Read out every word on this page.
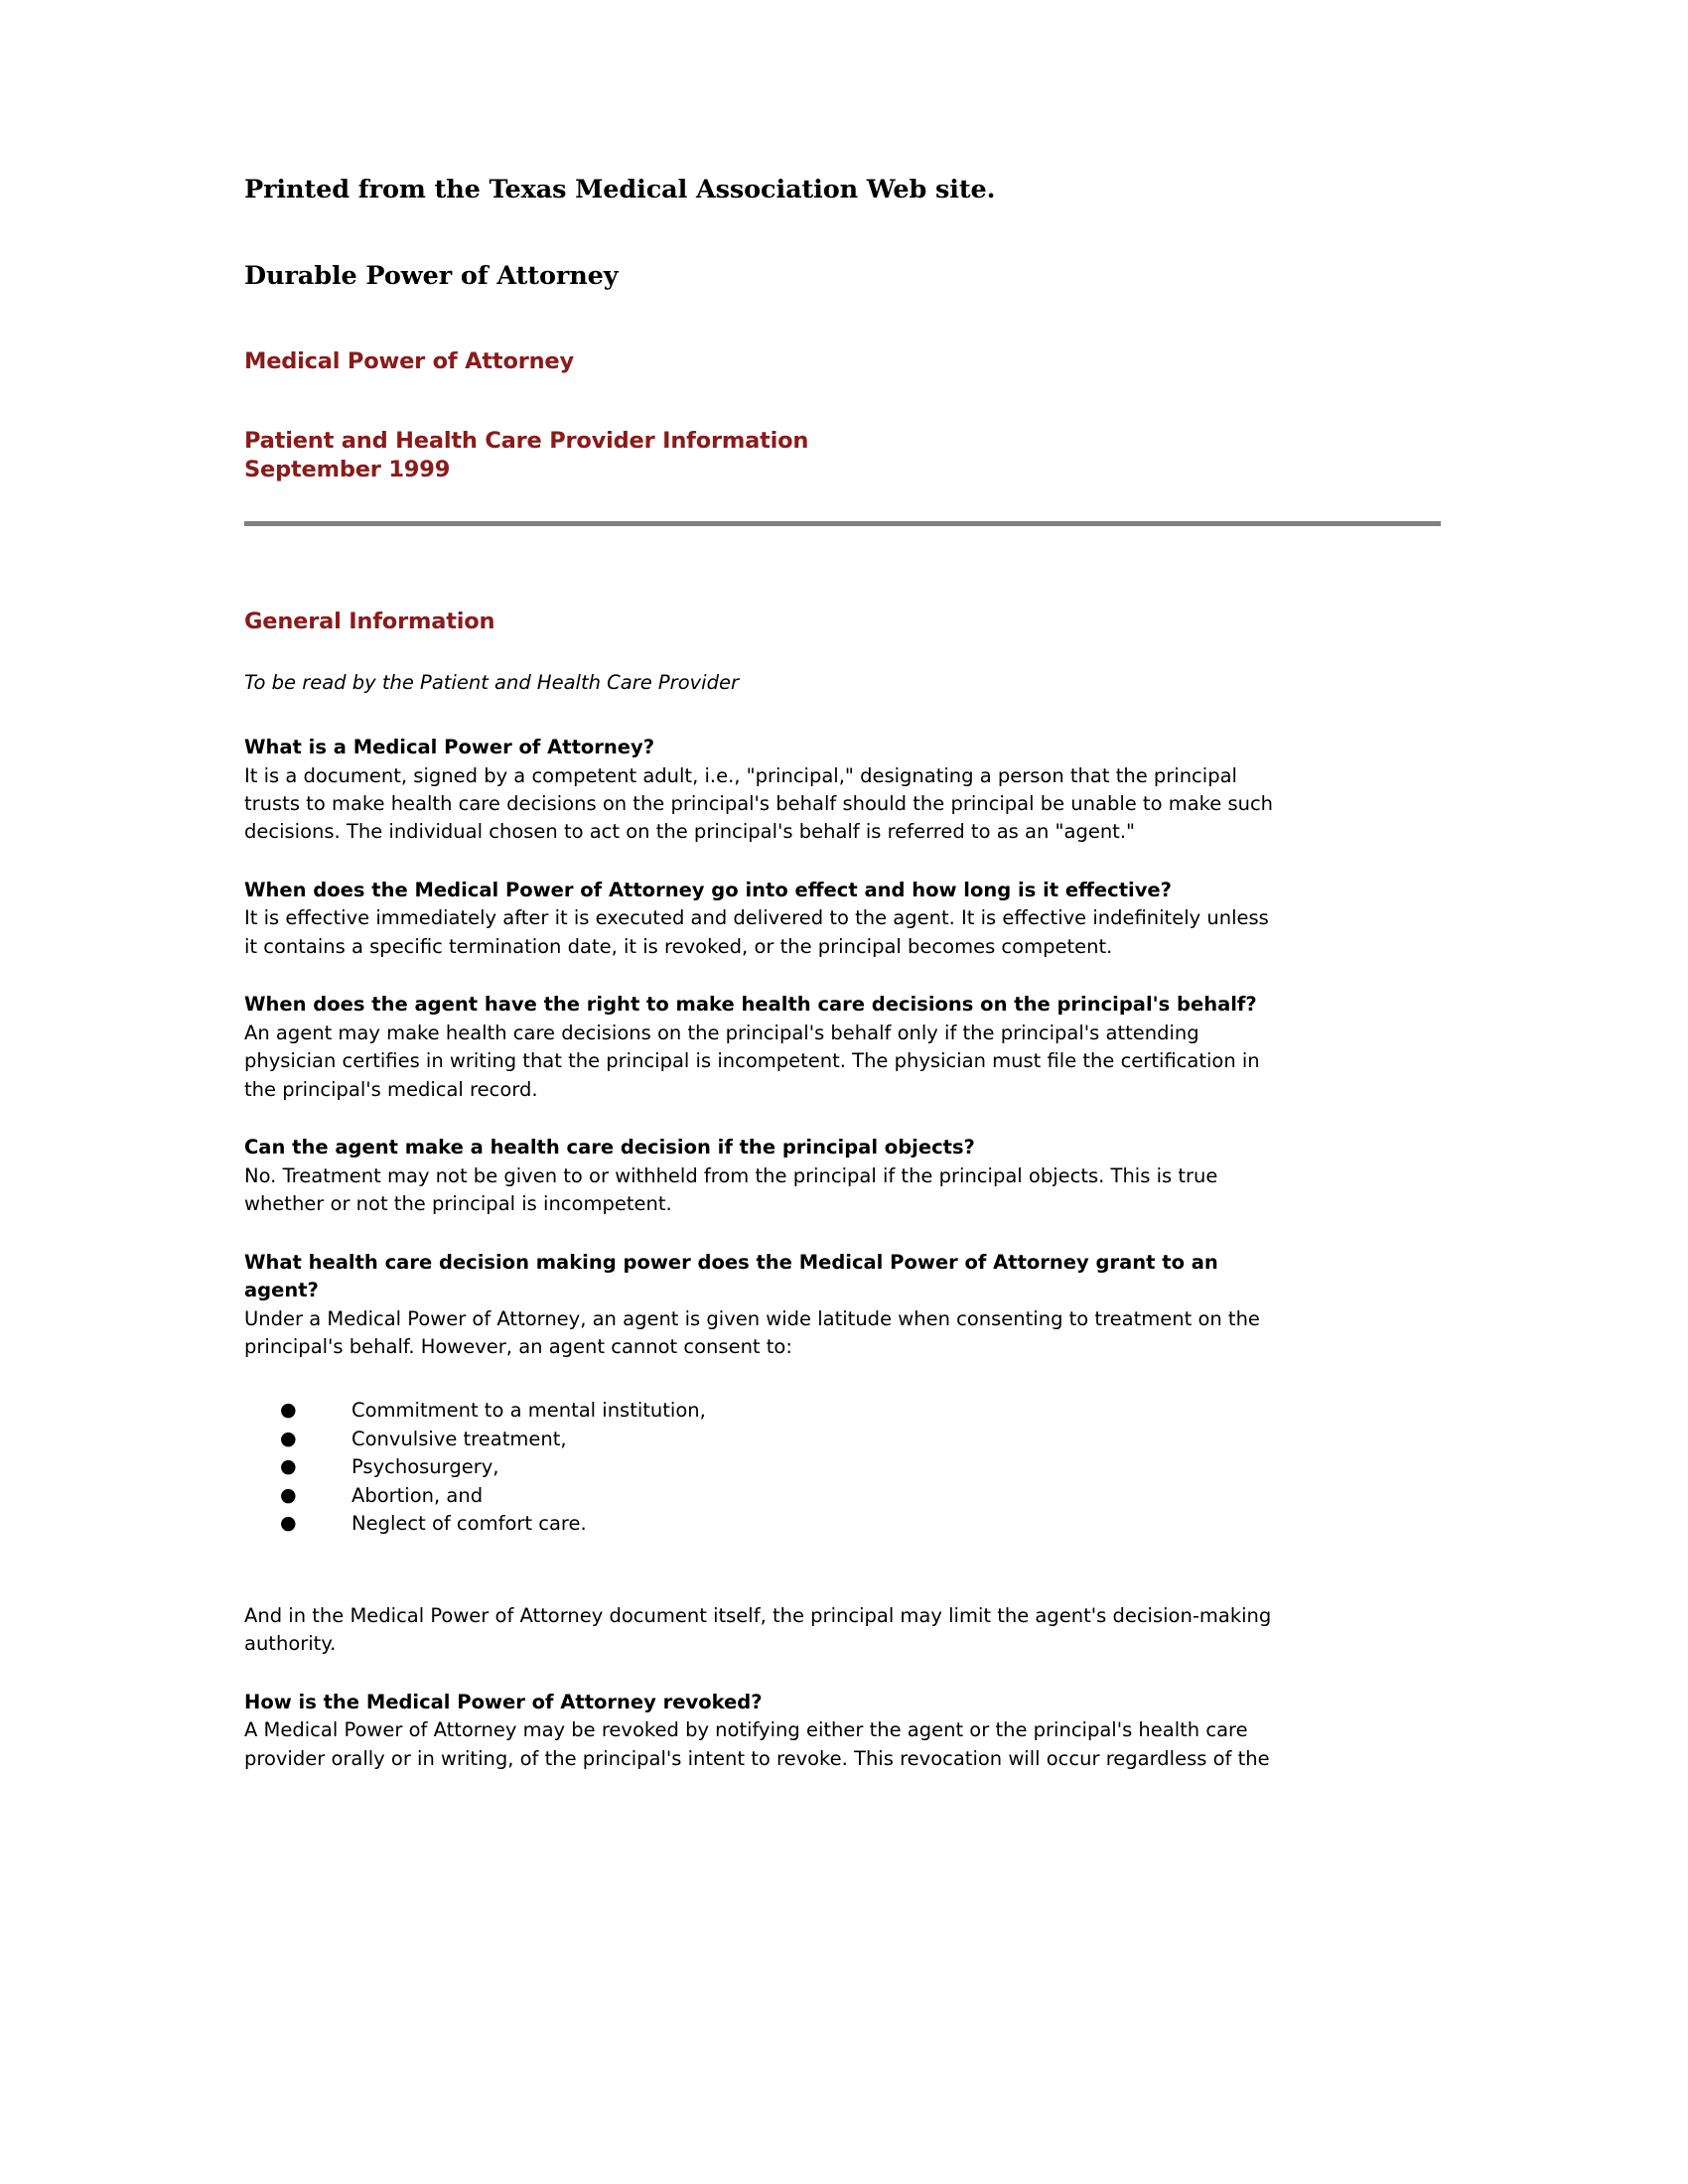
Printed from the Texas Medical Association Web site.
Durable Power of Attorney
Medical Power of Attorney
Patient and Health Care Provider Information
September 1999
General Information
To be read by the Patient and Health Care Provider
What is a Medical Power of Attorney?
It is a document, signed by a competent adult, i.e., "principal," designating a person that the principal
trusts to make health care decisions on the principal's behalf should the principal be unable to make such
decisions. The individual chosen to act on the principal's behalf is referred to as an "agent."
When does the Medical Power of Attorney go into effect and how long is it effective?
It is effective immediately after it is executed and delivered to the agent. It is effective indefinitely unless
it contains a specific termination date, it is revoked, or the principal becomes competent.
When does the agent have the right to make health care decisions on the principal's behalf?
An agent may make health care decisions on the principal's behalf only if the principal's attending
physician certifies in writing that the principal is incompetent. The physician must file the certification in
the principal's medical record.
Can the agent make a health care decision if the principal objects?
No. Treatment may not be given to or withheld from the principal if the principal objects. This is true
whether or not the principal is incompetent.
What health care decision making power does the Medical Power of Attorney grant to an
agent?
Under a Medical Power of Attorney, an agent is given wide latitude when consenting to treatment on the
principal's behalf. However, an agent cannot consent to:
●	Commitment to a mental institution,
●	Convulsive treatment,
●	Psychosurgery,
●	Abortion, and
●	Neglect of comfort care.
And in the Medical Power of Attorney document itself, the principal may limit the agent's decision-making
authority.
How is the Medical Power of Attorney revoked?
A Medical Power of Attorney may be revoked by notifying either the agent or the principal's health care
provider orally or in writing, of the principal's intent to revoke. This revocation will occur regardless of the
